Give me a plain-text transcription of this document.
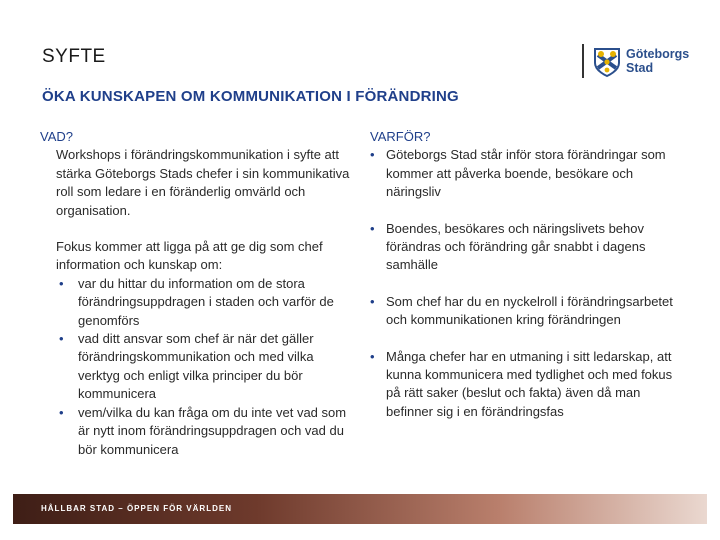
SYFTE	Göteborgs
Stad
ÖKA KUNSKAPEN OM KOMMUNIKATION I FÖRÄNDRING
VAD?
Workshops i förändringskommunikation i syfte att stärka Göteborgs Stads chefer i sin kommunikativa roll som ledare i en föränderlig omvärld och organisation.
Fokus kommer att ligga på att ge dig som chef information och kunskap om:
• var du hittar du information om de stora förändringsuppdragen i staden och varför de genomförs
• vad ditt ansvar som chef är när det gäller förändringskommunikation och med vilka verktyg och enligt vilka principer du bör kommunicera
• vem/vilka du kan fråga om du inte vet vad som är nytt inom förändringsuppdragen och vad du bör kommunicera
VARFÖR?
• Göteborgs Stad står inför stora förändringar som kommer att påverka boende, besökare och näringsliv
• Boendes, besökares och näringslivets behov förändras och förändring går snabbt i dagens samhälle
• Som chef har du en nyckelroll i förändringsarbetet och kommunikationen kring förändringen
• Många chefer har en utmaning i sitt ledarskap, att kunna kommunicera med tydlighet och med fokus på rätt saker (beslut och fakta) även då man befinner sig i en förändringsfas
HÅLLBAR STAD – ÖPPEN FÖR VÄRLDEN
